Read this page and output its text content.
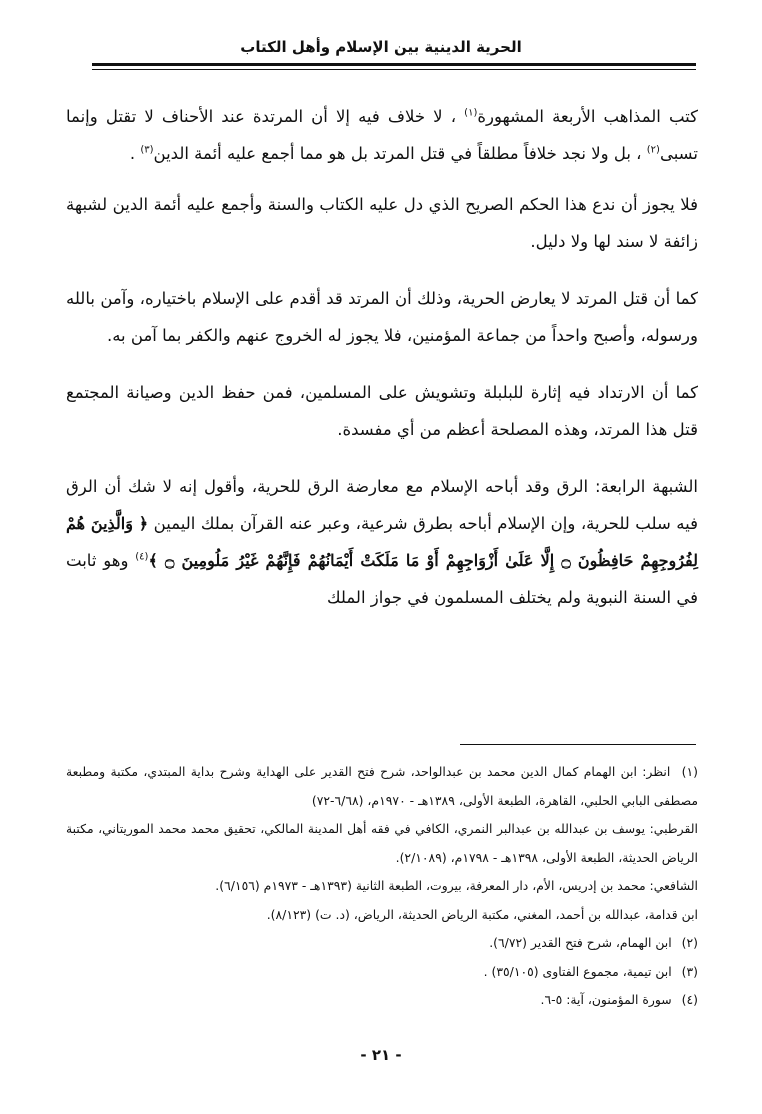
الحرية الدينية بين الإسلام وأهل الكتاب

كتب المذاهب الأربعة المشهورة$^{(١)}$ ، لا خلاف فيه إلا أن المرتدة عند الأحناف لا تقتل وإنما تسبى$^{(٢)}$ ، بل ولا نجد خلافاً مطلقاً في قتل المرتد بل هو مما أجمع عليه أئمة الدين$^{(٣)}$ .

فلا يجوز أن ندع هذا الحكم الصريح الذي دل عليه الكتاب والسنة وأجمع عليه أئمة الدين لشبهة زائفة لا سند لها ولا دليل.

كما أن قتل المرتد لا يعارض الحرية، وذلك أن المرتد قد أقدم على الإسلام باختياره، وآمن بالله ورسوله، وأصبح واحداً من جماعة المؤمنين، فلا يجوز له الخروج عنهم والكفر بما آمن به.

كما أن الارتداد فيه إثارة للبلبلة وتشويش على المسلمين، فمن حفظ الدين وصيانة المجتمع قتل هذا المرتد، وهذه المصلحة أعظم من أي مفسدة.

الشبهة الرابعة: الرق وقد أباحه الإسلام مع معارضة الرق للحرية، وأقول إنه لا شك أن الرق فيه سلب للحرية، وإن الإسلام أباحه بطرق شرعية، وعبر عنه القرآن بملك اليمين ﴿ وَالَّذِينَ هُمْ لِفُرُوجِهِمْ حَافِظُونَ ۝ إِلَّا عَلَىٰ أَزْوَاجِهِمْ أَوْ مَا مَلَكَتْ أَيْمَانُهُمْ فَإِنَّهُمْ غَيْرُ مَلُومِينَ ۝ ﴾$^{(٤)}$ وهو ثابت في السنة النبوية ولم يختلف المسلمون في جواز الملك

(١) انظر: ابن الهمام كمال الدين محمد بن عبدالواحد، شرح فتح القدير على الهداية وشرح بداية المبتدي، مكتبة ومطبعة مصطفى البابي الحلبي، القاهرة، الطبعة الأولى، ١٣٨٩هـ - ١٩٧٠م، (٦/٦٨-٧٢)

القرطبي: يوسف بن عبدالله بن عبدالبر النمري، الكافي في فقه أهل المدينة المالكي، تحقيق محمد محمد الموريتاني، مكتبة الرياض الحديثة، الطبعة الأولى، ١٣٩٨هـ - ١٧٩٨م، (٢/١٠٨٩).

الشافعي: محمد بن إدريس، الأم، دار المعرفة، بيروت، الطبعة الثانية (١٣٩٣هـ - ١٩٧٣م (٦/١٥٦).

ابن قدامة، عبدالله بن أحمد، المغني، مكتبة الرياض الحديثة، الرياض، (د. ت) (٨/١٢٣).

(٢) ابن الهمام، شرح فتح القدير (٦/٧٢).

(٣) ابن تيمية، مجموع الفتاوى (٣٥/١٠٥) .

(٤) سورة المؤمنون، آية: ٥-٦.

- ٢١ -
